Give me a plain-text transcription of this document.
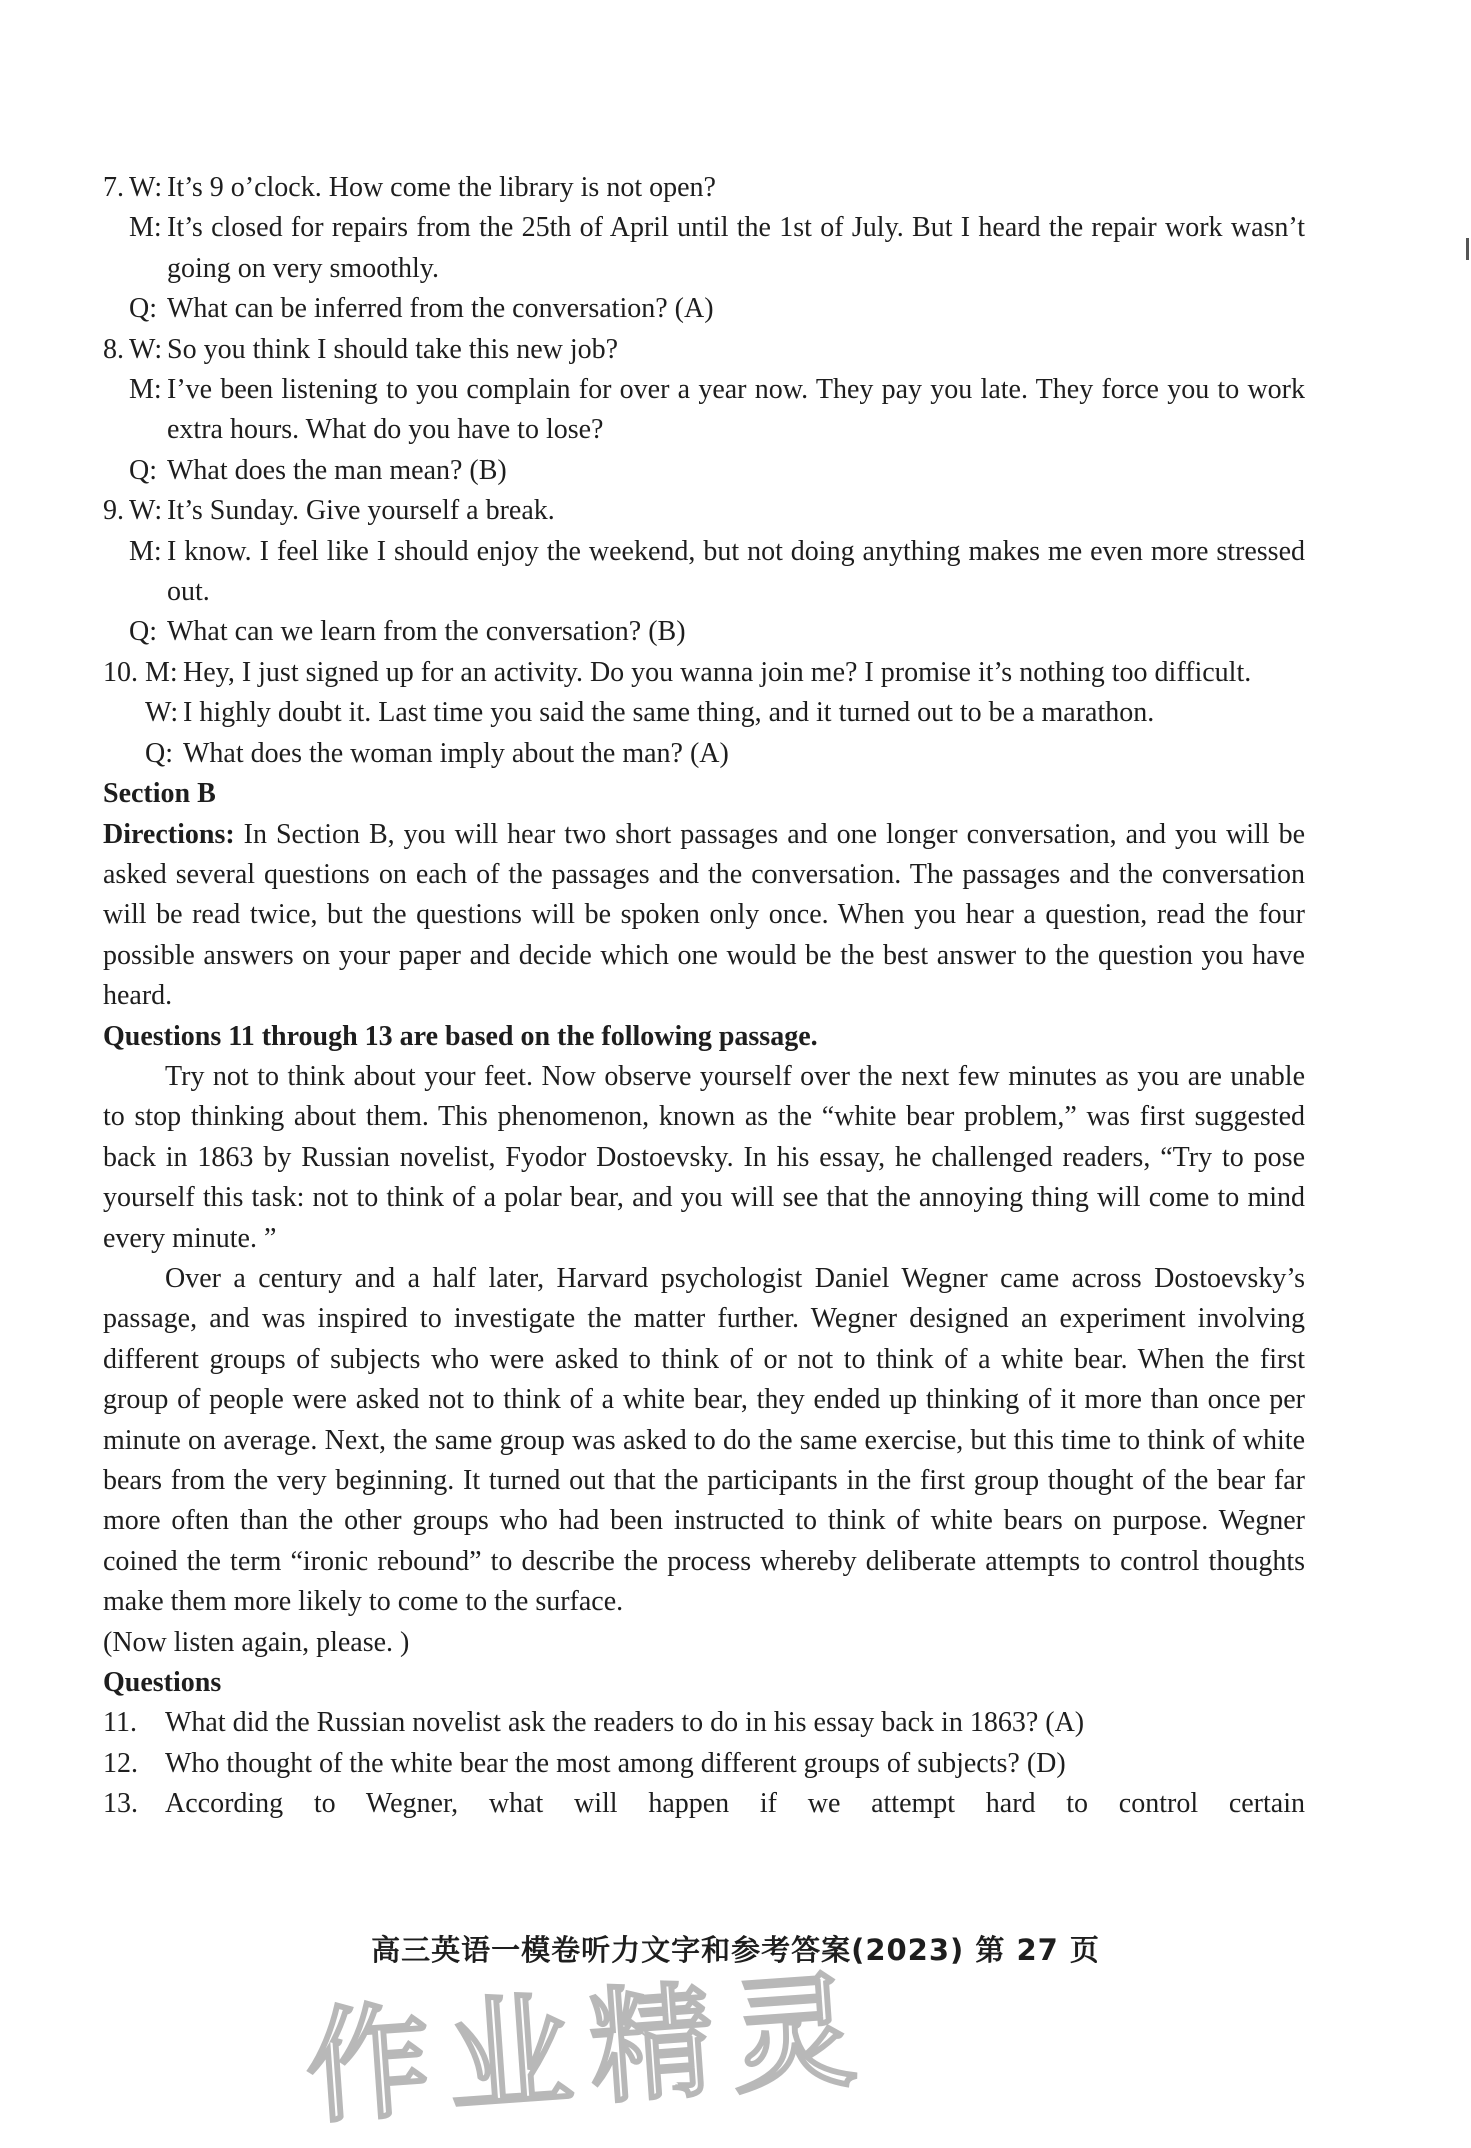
7. W: It’s 9 o’clock. How come the library is not open?
M: It’s closed for repairs from the 25th of April until the 1st of July. But I heard the repair work wasn’t going on very smoothly.
Q: What can be inferred from the conversation? (A)
8. W: So you think I should take this new job?
M: I’ve been listening to you complain for over a year now. They pay you late. They force you to work extra hours. What do you have to lose?
Q: What does the man mean? (B)
9. W: It’s Sunday. Give yourself a break.
M: I know. I feel like I should enjoy the weekend, but not doing anything makes me even more stressed out.
Q: What can we learn from the conversation? (B)
10. M: Hey, I just signed up for an activity. Do you wanna join me? I promise it’s nothing too difficult.
W: I highly doubt it. Last time you said the same thing, and it turned out to be a marathon.
Q: What does the woman imply about the man? (A)
Section B
Directions: In Section B, you will hear two short passages and one longer conversation, and you will be asked several questions on each of the passages and the conversation. The passages and the conversation will be read twice, but the questions will be spoken only once. When you hear a question, read the four possible answers on your paper and decide which one would be the best answer to the question you have heard.
Questions 11 through 13 are based on the following passage.
Try not to think about your feet. Now observe yourself over the next few minutes as you are unable to stop thinking about them. This phenomenon, known as the “white bear problem,” was first suggested back in 1863 by Russian novelist, Fyodor Dostoevsky. In his essay, he challenged readers, “Try to pose yourself this task: not to think of a polar bear, and you will see that the annoying thing will come to mind every minute. ”
Over a century and a half later, Harvard psychologist Daniel Wegner came across Dostoevsky’s passage, and was inspired to investigate the matter further. Wegner designed an experiment involving different groups of subjects who were asked to think of or not to think of a white bear. When the first group of people were asked not to think of a white bear, they ended up thinking of it more than once per minute on average. Next, the same group was asked to do the same exercise, but this time to think of white bears from the very beginning. It turned out that the participants in the first group thought of the bear far more often than the other groups who had been instructed to think of white bears on purpose. Wegner coined the term “ironic rebound” to describe the process whereby deliberate attempts to control thoughts make them more likely to come to the surface.
(Now listen again, please. )
Questions
11. What did the Russian novelist ask the readers to do in his essay back in 1863? (A)
12. Who thought of the white bear the most among different groups of subjects? (D)
13. According to Wegner, what will happen if we attempt hard to control certain
高三英语一模卷听力文字和参考答案(2023) 第 27 页
作业精灵
